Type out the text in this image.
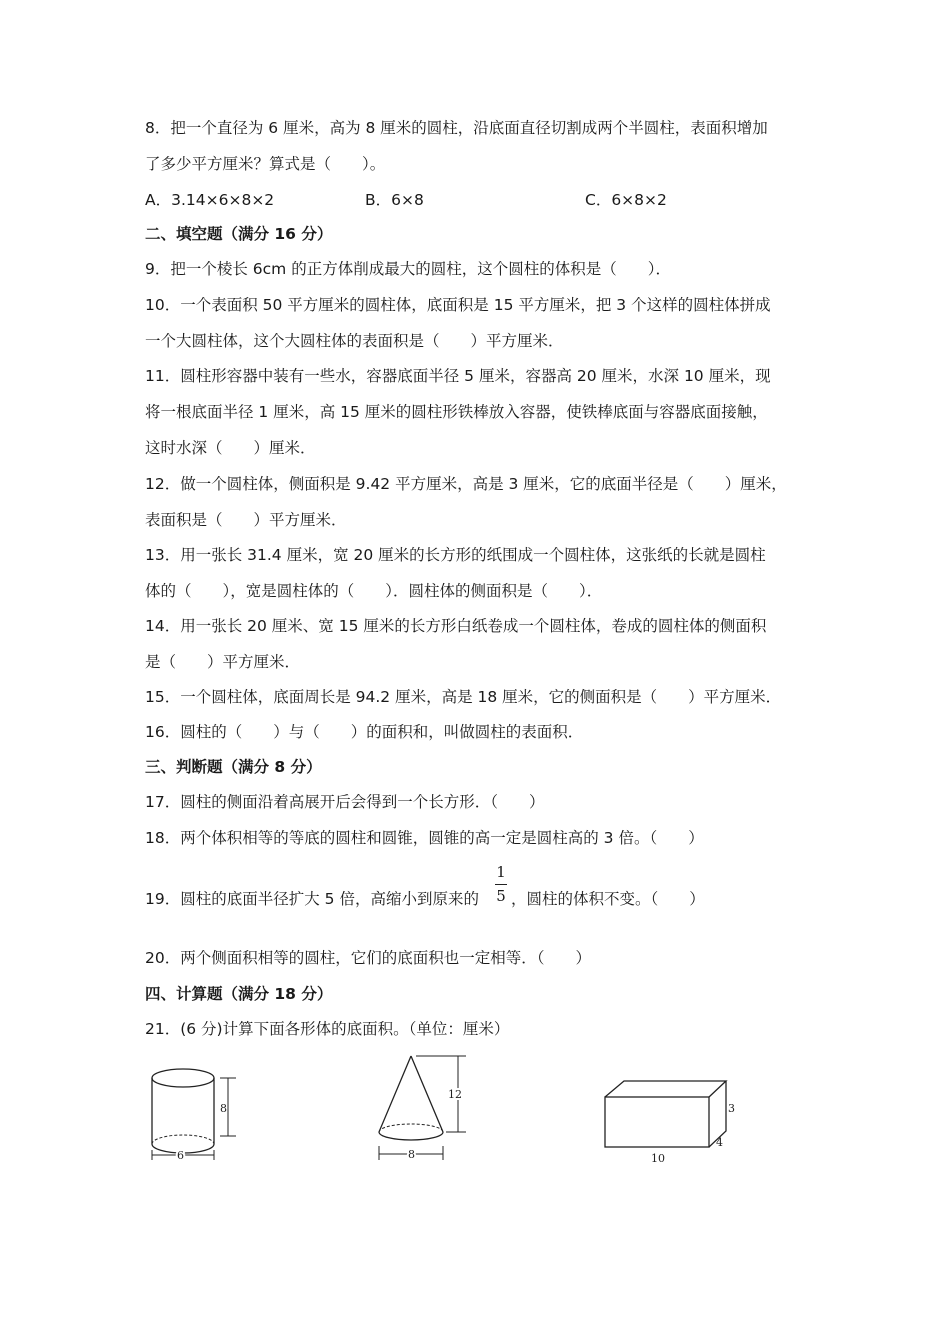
8．把一个直径为 6 厘米，高为 8 厘米的圆柱，沿底面直径切割成两个半圆柱，表面积增加
了多少平方厘米？算式是（　　）。
A．3.14×6×8×2	B．6×8	C．6×8×2
二、填空题（满分 16 分）
9．把一个棱长 6cm 的正方体削成最大的圆柱，这个圆柱的体积是（　　）．
10．一个表面积 50 平方厘米的圆柱体，底面积是 15 平方厘米，把 3 个这样的圆柱体拼成
一个大圆柱体，这个大圆柱体的表面积是（　　）平方厘米．
11．圆柱形容器中装有一些水，容器底面半径 5 厘米，容器高 20 厘米，水深 10 厘米，现
将一根底面半径 1 厘米，高 15 厘米的圆柱形铁棒放入容器，使铁棒底面与容器底面接触，
这时水深（　　）厘米．
12．做一个圆柱体，侧面积是 9.42 平方厘米，高是 3 厘米，它的底面半径是（　　）厘米，
表面积是（　　）平方厘米．
13．用一张长 31.4 厘米，宽 20 厘米的长方形的纸围成一个圆柱体，这张纸的长就是圆柱
体的（　　），宽是圆柱体的（　　）．圆柱体的侧面积是（　　）．
14．用一张长 20 厘米、宽 15 厘米的长方形白纸卷成一个圆柱体，卷成的圆柱体的侧面积
是（　　）平方厘米．
15．一个圆柱体，底面周长是 94.2 厘米，高是 18 厘米，它的侧面积是（　　）平方厘米．
16．圆柱的（　　）与（　　）的面积和，叫做圆柱的表面积．
三、判断题（满分 8 分）
17．圆柱的侧面沿着高展开后会得到一个长方形．（　　）
18．两个体积相等的等底的圆柱和圆锥，圆锥的高一定是圆柱高的 3 倍。（　　）
19．圆柱的底面半径扩大 5 倍，高缩小到原来的
1
5 ，圆柱的体积不变。（　　）
20．两个侧面积相等的圆柱，它们的底面积也一定相等．（　　）
四、计算题（满分 18 分）
21．(6 分)计算下面各形体的底面积。（单位：厘米）
8
6
12
8
3
4
10
